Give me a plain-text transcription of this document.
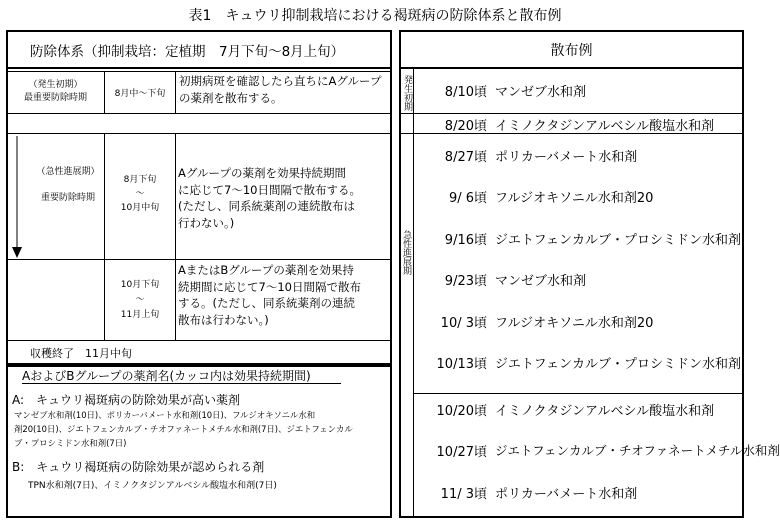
表1　キュウリ抑制栽培における褐斑病の防除体系と散布例
防除体系（抑制栽培：定植期　7月下旬～8月上旬）
（発生初期）
最重要防除時期	8月中～下旬
初期病斑を確認したら直ちにAグループ
の薬剤を散布する。
（急性進展期）
重要防除時期
8月下旬
～
10月中旬
Aグループの薬剤を効果持続期間
に応じて7～10日間隔で散布する。
(ただし、同系統薬剤の連続散布は
行わない。)
10月下旬
～
11月上旬
AまたはBグループの薬剤を効果持
続期間に応じて7～10日間隔で散布
する。(ただし、同系統薬剤の連続
散布は行わない。)
収穫終了　11月中旬
AおよびBグループの薬剤名(カッコ内は効果持続期間)
A:　キュウリ褐斑病の防除効果が高い薬剤
マンゼブ水和剤(10日)、ポリカーバメート水和剤(10日)、フルジオキソニル水和
剤20(10日)、ジエトフェンカルブ・チオファネートメチル水和剤(7日)、ジエトフェンカル
ブ・プロシミドン水和剤(7日)
B:　キュウリ褐斑病の防除効果が認められる剤
TPN水和剤(7日)、イミノクタジンアルベシル酸塩水和剤(7日)
散布例
発生初期
急性進展期
8/10頃 マンゼブ水和剤
8/20頃 イミノクタジンアルベシル酸塩水和剤
8/27頃 ポリカーバメート水和剤
9/ 6頃 フルジオキソニル水和剤20
9/16頃 ジエトフェンカルブ・プロシミドン水和剤
9/23頃 マンゼブ水和剤
10/ 3頃 フルジオキソニル水和剤20
10/13頃 ジエトフェンカルブ・プロシミドン水和剤
10/20頃 イミノクタジンアルベシル酸塩水和剤
10/27頃 ジエトフェンカルブ・チオファネートメチル水和剤
11/ 3頃 ポリカーバメート水和剤
